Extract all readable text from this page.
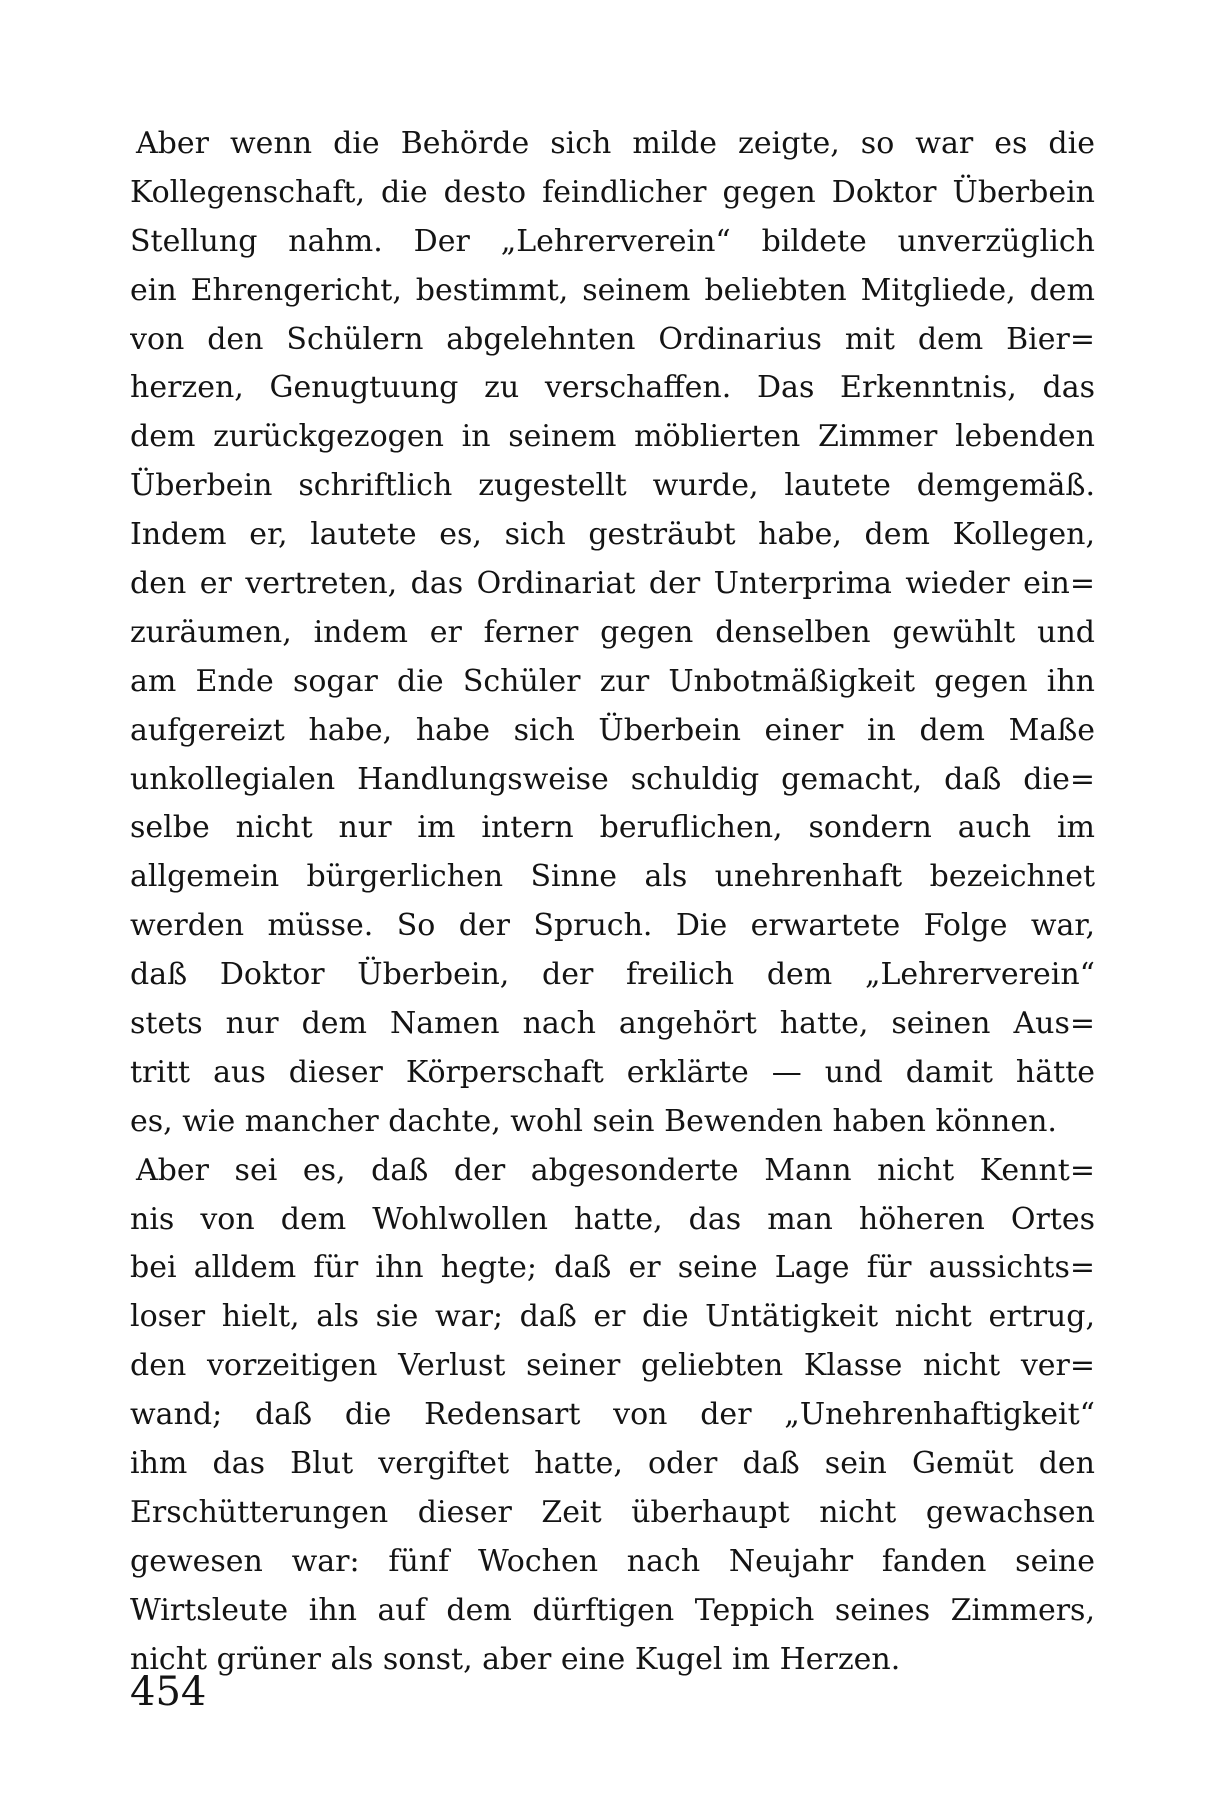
Aber wenn die Behörde sich milde zeigte, so war es die
Kollegenschaft, die desto feindlicher gegen Doktor Überbein
Stellung nahm. Der „Lehrerverein“ bildete unverzüglich
ein Ehrengericht, bestimmt, seinem beliebten Mitgliede, dem
von den Schülern abgelehnten Ordinarius mit dem Bier=
herzen, Genugtuung zu verschaffen. Das Erkenntnis, das
dem zurückgezogen in seinem möblierten Zimmer lebenden
Überbein schriftlich zugestellt wurde, lautete demgemäß.
Indem er, lautete es, sich gesträubt habe, dem Kollegen,
den er vertreten, das Ordinariat der Unterprima wieder ein=
zuräumen, indem er ferner gegen denselben gewühlt und
am Ende sogar die Schüler zur Unbotmäßigkeit gegen ihn
aufgereizt habe, habe sich Überbein einer in dem Maße
unkollegialen Handlungsweise schuldig gemacht, daß die=
selbe nicht nur im intern beruflichen, sondern auch im
allgemein bürgerlichen Sinne als unehrenhaft bezeichnet
werden müsse. So der Spruch. Die erwartete Folge war,
daß Doktor Überbein, der freilich dem „Lehrerverein“
stets nur dem Namen nach angehört hatte, seinen Aus=
tritt aus dieser Körperschaft erklärte — und damit hätte
es, wie mancher dachte, wohl sein Bewenden haben können.
Aber sei es, daß der abgesonderte Mann nicht Kennt=
nis von dem Wohlwollen hatte, das man höheren Ortes
bei alldem für ihn hegte; daß er seine Lage für aussichts=
loser hielt, als sie war; daß er die Untätigkeit nicht ertrug,
den vorzeitigen Verlust seiner geliebten Klasse nicht ver=
wand; daß die Redensart von der „Unehrenhaftigkeit“
ihm das Blut vergiftet hatte, oder daß sein Gemüt den
Erschütterungen dieser Zeit überhaupt nicht gewachsen
gewesen war: fünf Wochen nach Neujahr fanden seine
Wirtsleute ihn auf dem dürftigen Teppich seines Zimmers,
nicht grüner als sonst, aber eine Kugel im Herzen.
454
